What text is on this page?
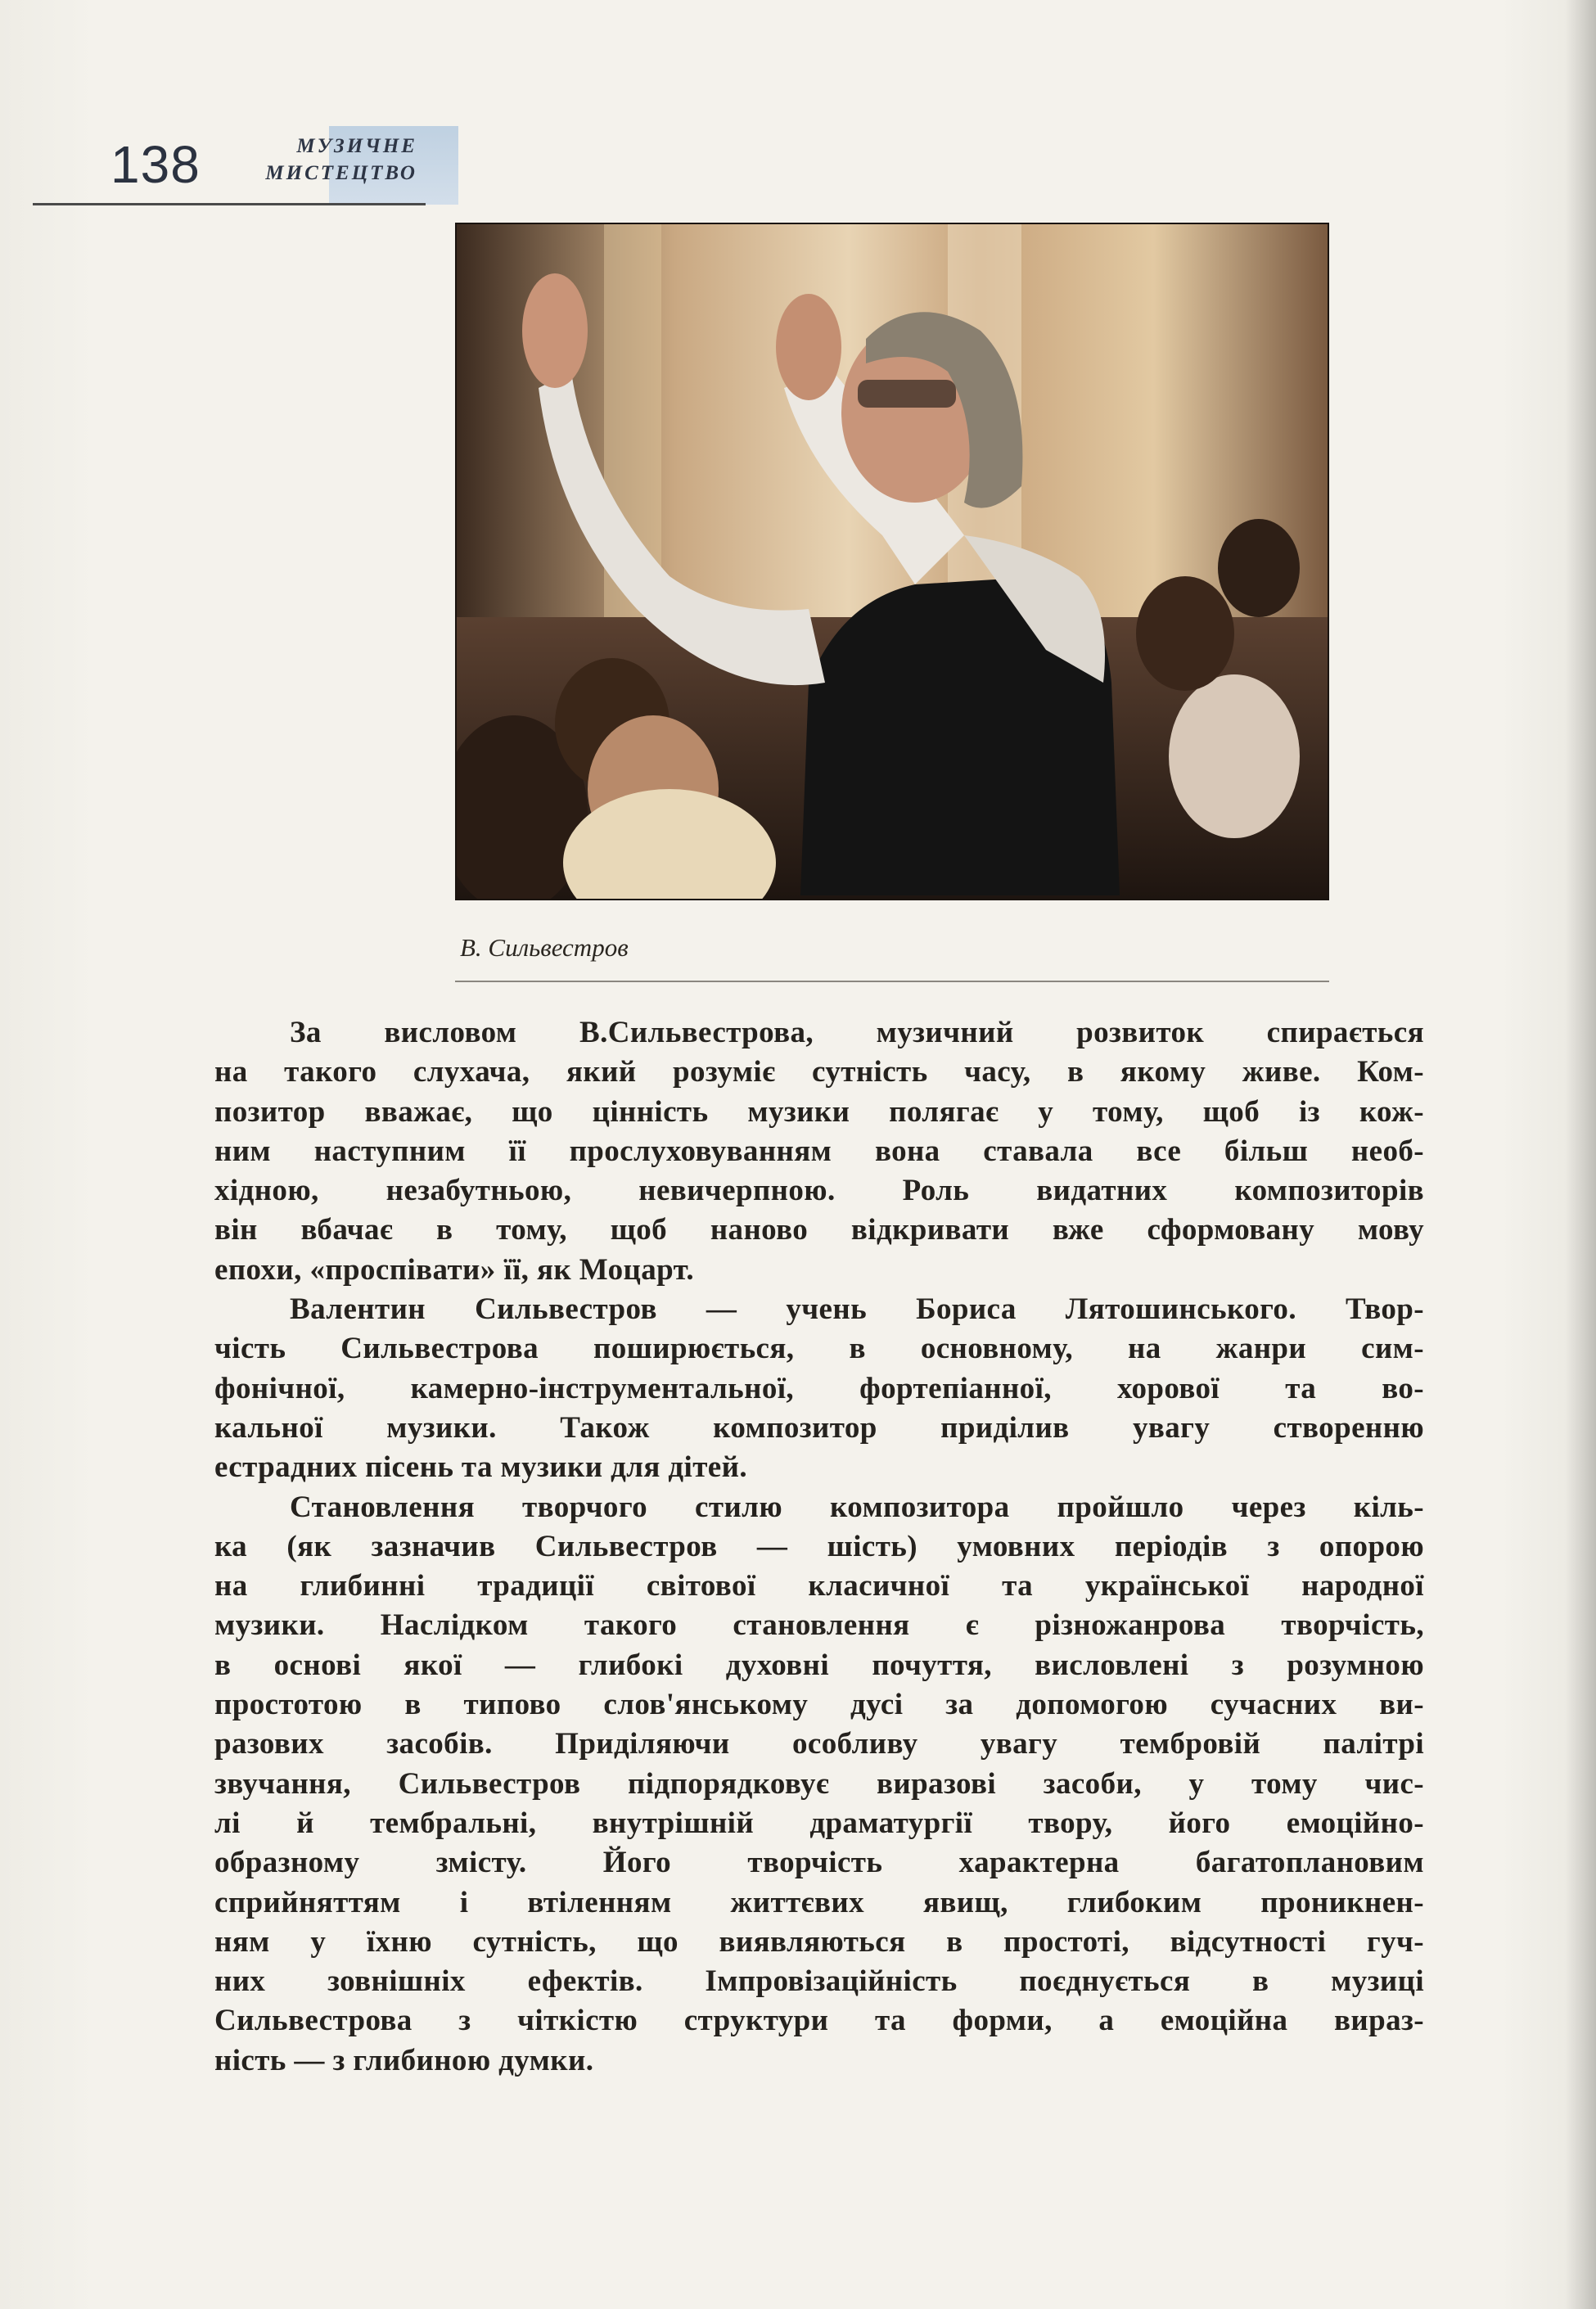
138	МУЗИЧНЕ
МИСТЕЦТВО
В. Сильвестров
За висловом В.Сильвестрова, музичний розвиток спирається
на такого слухача, який розуміє сутність часу, в якому живе. Ком-
позитор вважає, що цінність музики полягає у тому, щоб із кож-
ним наступним її прослуховуванням вона ставала все більш необ-
хідною, незабутньою, невичерпною. Роль видатних композиторів
він вбачає в тому, щоб наново відкривати вже сформовану мову
епохи, «проспівати» її, як Моцарт.
Валентин Сильвестров — учень Бориса Лятошинського. Твор-
чість Сильвестрова поширюється, в основному, на жанри сим-
фонічної, камерно-інструментальної, фортепіанної, хорової та во-
кальної музики. Також композитор приділив увагу створенню
естрадних пісень та музики для дітей.
Становлення творчого стилю композитора пройшло через кіль-
ка (як зазначив Сильвестров — шість) умовних періодів з опорою
на глибинні традиції світової класичної та української народної
музики. Наслідком такого становлення є різножанрова творчість,
в основі якої — глибокі духовні почуття, висловлені з розумною
простотою в типово слов'янському дусі за допомогою сучасних ви-
разових засобів. Приділяючи особливу увагу тембровій палітрі
звучання, Сильвестров підпорядковує виразові засоби, у тому чис-
лі й тембральні, внутрішній драматургії твору, його емоційно-
образному змісту. Його творчість характерна багатоплановим
сприйняттям і втіленням життєвих явищ, глибоким проникнен-
ням у їхню сутність, що виявляються в простоті, відсутності гуч-
них зовнішніх ефектів. Імпровізаційність поєднується в музиці
Сильвестрова з чіткістю структури та форми, а емоційна вираз-
ність — з глибиною думки.
